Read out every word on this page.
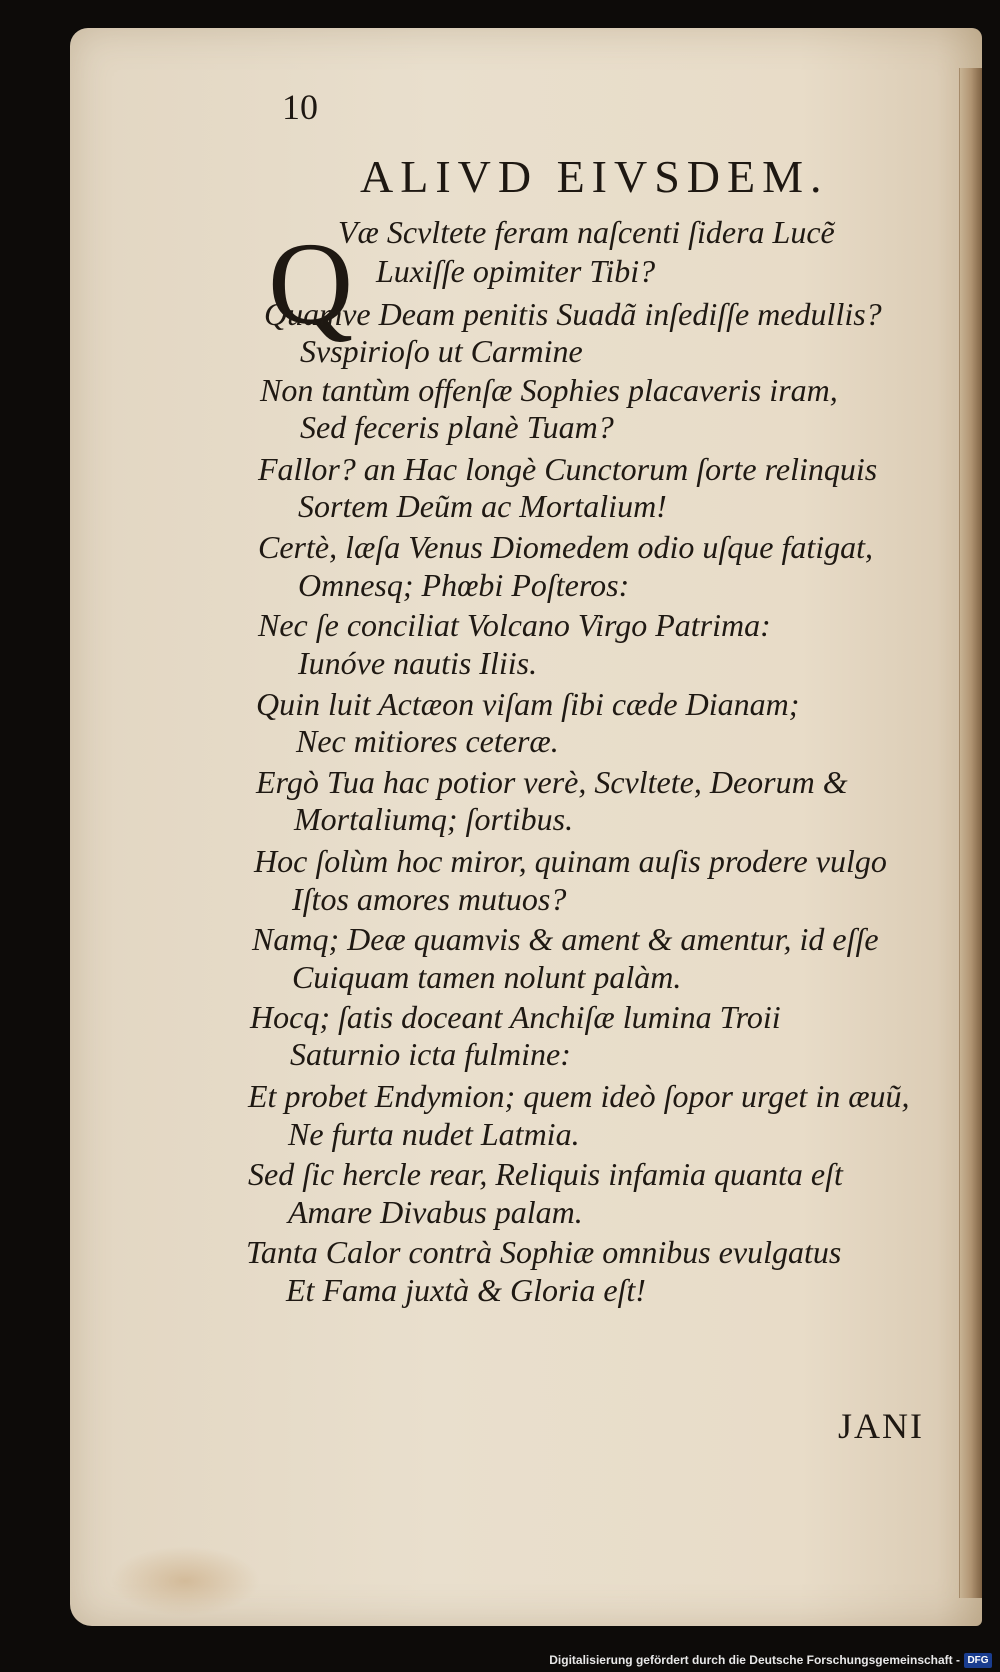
10
ALIVD EIVSDEM.
Q
Væ Scvltete feram naſcenti ſidera Lucẽ
Luxiſſe opimiter Tibi?
Quamve Deam penitis Suadã inſediſſe medullis?
Svspirioſo ut Carmine
Non tantùm offenſæ Sophies placaveris iram,
Sed feceris planè Tuam?
Fallor? an Hac longè Cunctorum ſorte relinquis
Sortem Deũm ac Mortalium!
Certè, læſa Venus Diomedem odio uſque fatigat,
Omnesq; Phœbi Poſteros:
Nec ſe conciliat Volcano Virgo Patrima:
Iunóve nautis Iliis.
Quin luit Actæon viſam ſibi cæde Dianam;
Nec mitiores ceteræ.
Ergò Tua hac potior verè, Scvltete, Deorum &
Mortaliumq; ſortibus.
Hoc ſolùm hoc miror, quinam auſis prodere vulgo
Iſtos amores mutuos?
Namq; Deæ quamvis & ament & amentur, id eſſe
Cuiquam tamen nolunt palàm.
Hocq; ſatis doceant Anchiſæ lumina Troii
Saturnio icta fulmine:
Et probet Endymion; quem ideò ſopor urget in æuũ,
Ne furta nudet Latmia.
Sed ſic hercle rear, Reliquis infamia quanta eſt
Amare Divabus palam.
Tanta Calor contrà Sophiæ omnibus evulgatus
Et Fama juxtà & Gloria eſt!
JANI
Digitalisierung gefördert durch die Deutsche Forschungsgemeinschaft - DFG
